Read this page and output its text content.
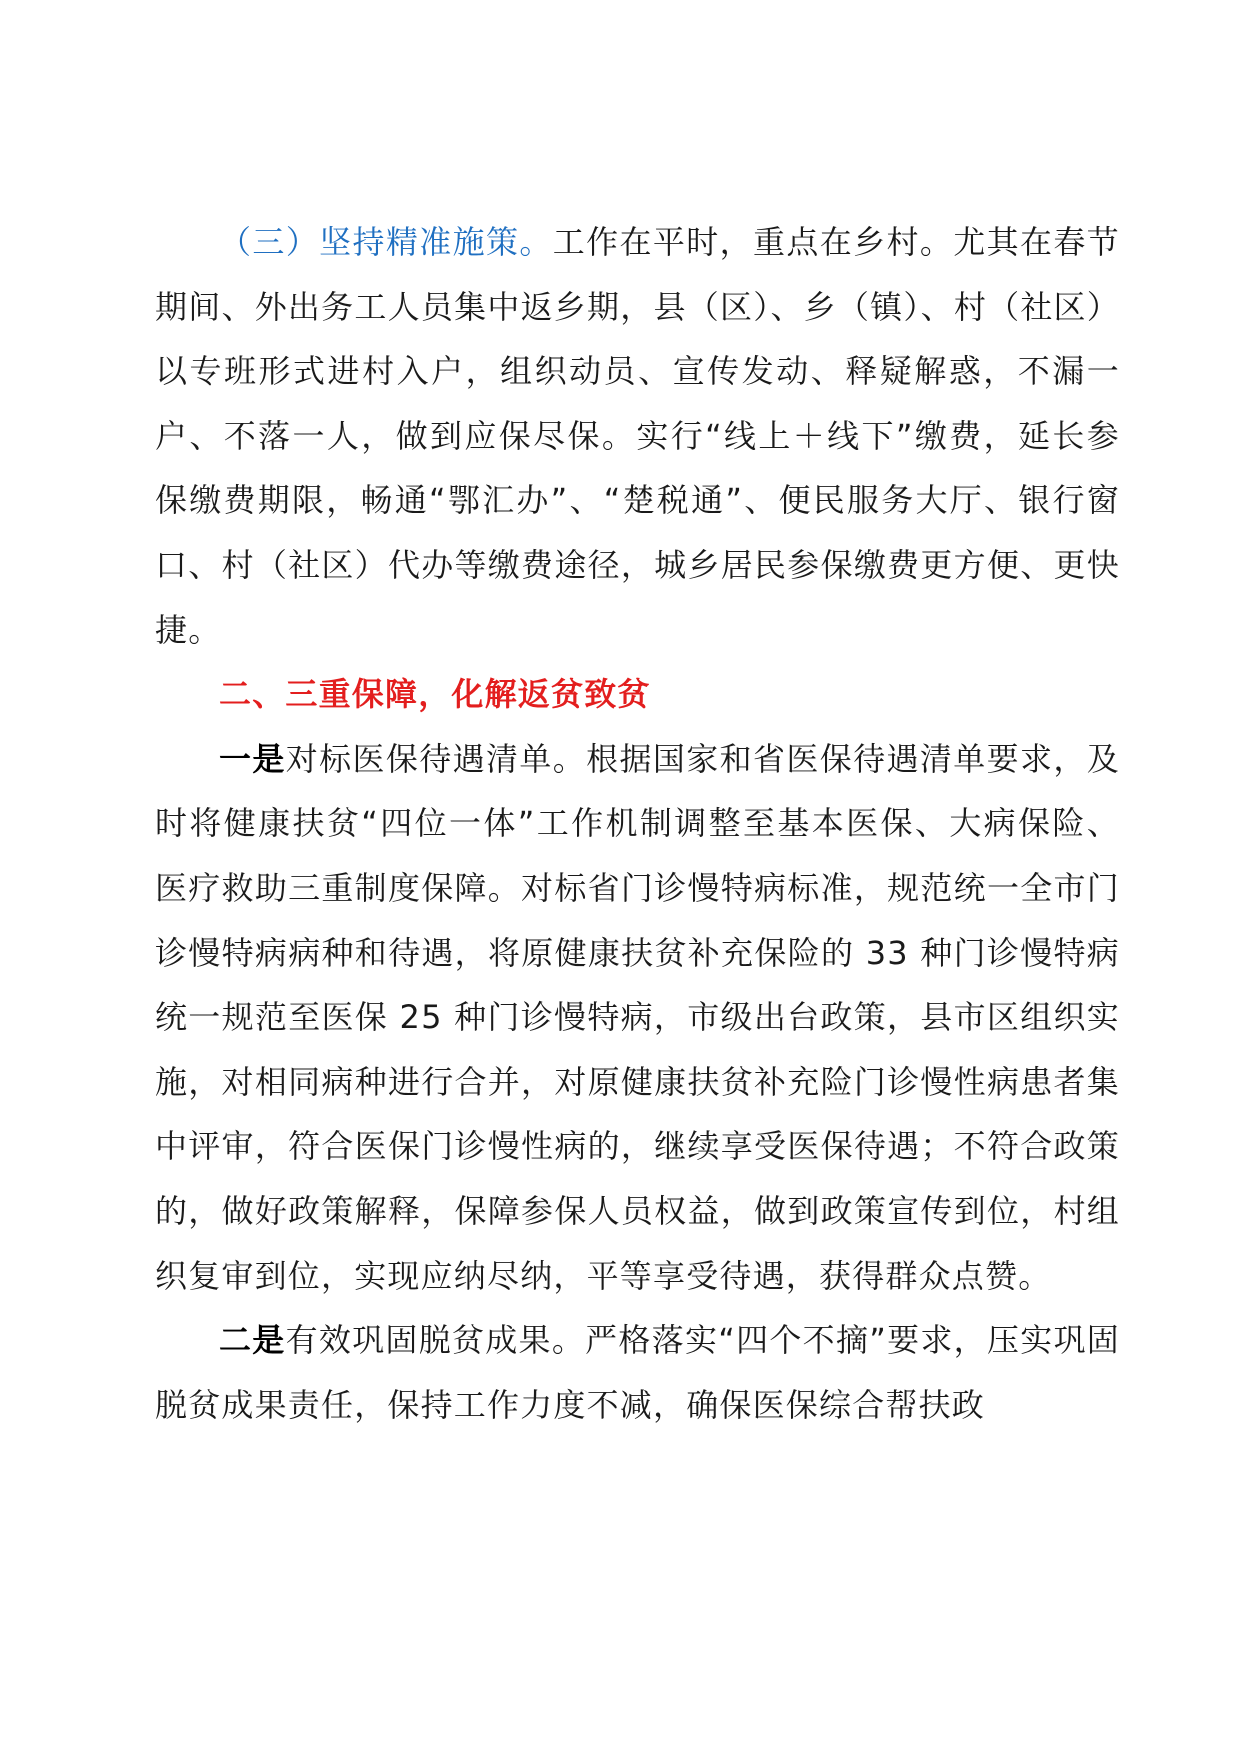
（三）坚持精准施策。工作在平时，重点在乡村。尤其在春节期间、外出务工人员集中返乡期，县（区）、乡（镇）、村（社区）以专班形式进村入户，组织动员、宣传发动、释疑解惑，不漏一户、不落一人，做到应保尽保。实行“线上＋线下”缴费，延长参保缴费期限，畅通“鄂汇办”、“楚税通”、便民服务大厅、银行窗口、村（社区）代办等缴费途径，城乡居民参保缴费更方便、更快捷。

二、三重保障，化解返贫致贫

一是对标医保待遇清单。根据国家和省医保待遇清单要求，及时将健康扶贫“四位一体”工作机制调整至基本医保、大病保险、医疗救助三重制度保障。对标省门诊慢特病标准，规范统一全市门诊慢特病病种和待遇，将原健康扶贫补充保险的 33 种门诊慢特病统一规范至医保 25 种门诊慢特病，市级出台政策，县市区组织实施，对相同病种进行合并，对原健康扶贫补充险门诊慢性病患者集中评审，符合医保门诊慢性病的，继续享受医保待遇；不符合政策的，做好政策解释，保障参保人员权益，做到政策宣传到位，村组织复审到位，实现应纳尽纳，平等享受待遇，获得群众点赞。

二是有效巩固脱贫成果。严格落实“四个不摘”要求，压实巩固脱贫成果责任，保持工作力度不减，确保医保综合帮扶政
